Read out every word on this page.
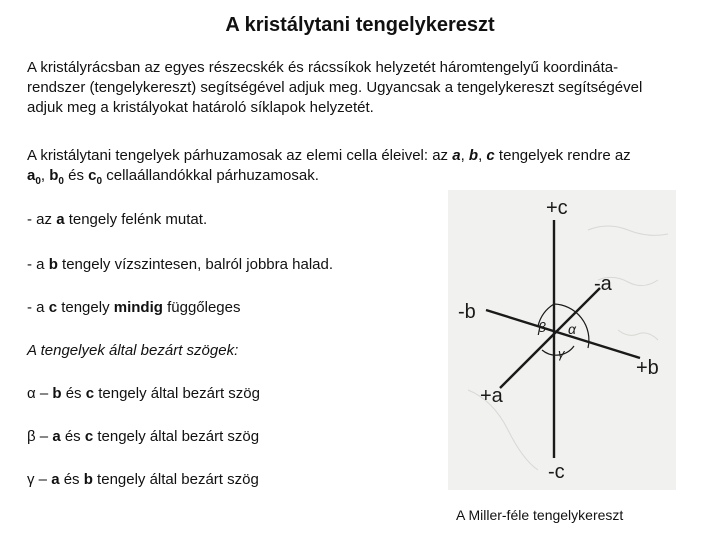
A kristálytani tengelykereszt
A kristályrácsban az egyes részecskék és rácssíkok helyzetét háromtengelyű koordináta-
rendszer (tengelykereszt) segítségével adjuk meg. Ugyancsak a tengelykereszt segítségével
adjuk meg a kristályokat határoló síklapok helyzetét.
A kristálytani tengelyek párhuzamosak az elemi cella éleivel: az a, b, c tengelyek rendre az
$a_0$, $b_0$ és $c_0$ cellaállandókkal párhuzamosak.
- az a tengely felénk mutat.
- a b tengely vízszintesen, balról jobbra halad.
- a c tengely mindig függőleges
A tengelyek által bezárt szögek:
α – b és c tengely által bezárt szög
β – a és c tengely által bezárt szög
γ – a és b tengely által bezárt szög
+c
-c
-b
+b
-a
+a
β α
γ
A Miller-féle tengelykereszt
